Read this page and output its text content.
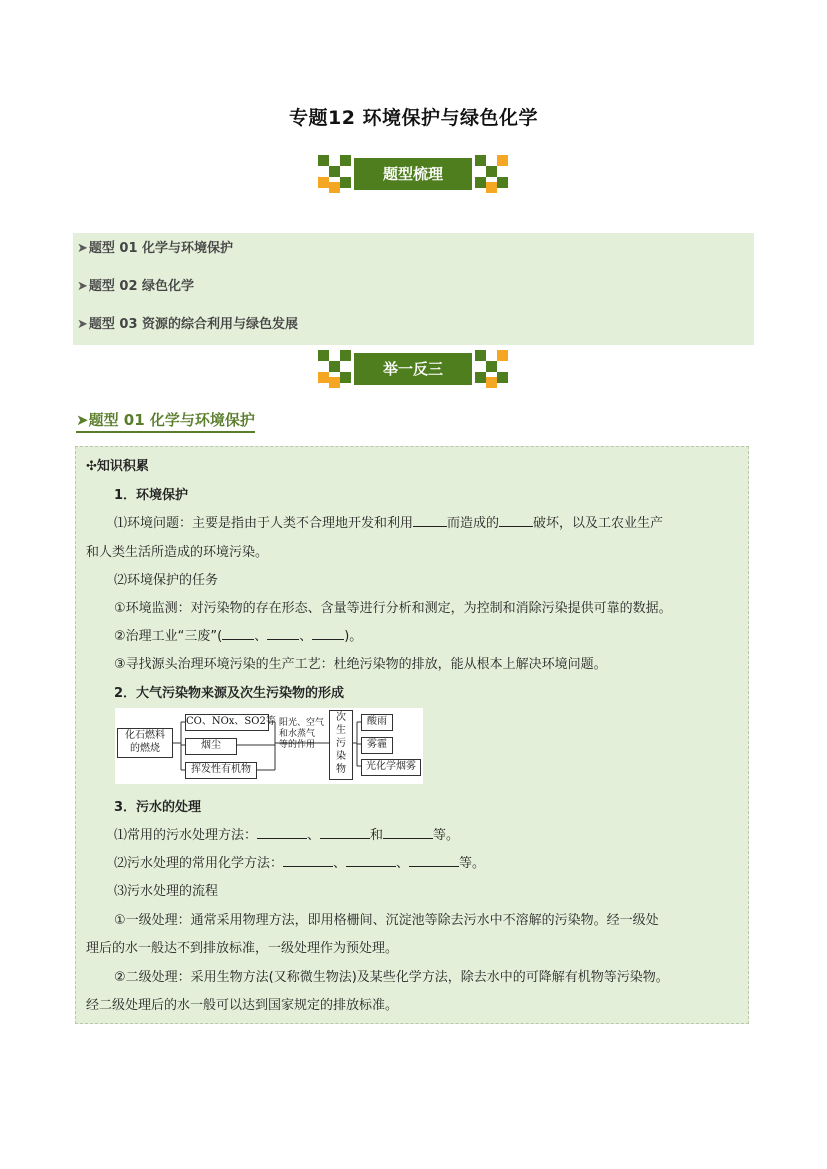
专题12 环境保护与绿色化学
题型梳理
➤题型 01 化学与环境保护
➤题型 02 绿色化学
➤题型 03 资源的综合利用与绿色发展
举一反三
➤题型 01 化学与环境保护
✣知识积累
1．环境保护
⑴环境问题：主要是指由于人类不合理地开发和利用	而造成的	破坏，以及工农业生产
和人类生活所造成的环境污染。
⑵环境保护的任务
①环境监测：对污染物的存在形态、含量等进行分析和测定，为控制和消除污染提供可靠的数据。
②治理工业“三废”( 、 、 )。
③寻找源头治理环境污染的生产工艺：杜绝污染物的排放，能从根本上解决环境问题。
2．大气污染物来源及次生污染物的形成
化石燃料
的燃烧
CO、NOx、SO2等
烟尘
挥发性有机物
阳光、空气
和水蒸气
等的作用
次
生
污
染
物
酸雨
雾霾
光化学烟雾
3．污水的处理
⑴常用的污水处理方法：	、	和	等。
⑵污水处理的常用化学方法：	、	、	等。
⑶污水处理的流程
①一级处理：通常采用物理方法，即用格栅间、沉淀池等除去污水中不溶解的污染物。经一级处
理后的水一般达不到排放标准，一级处理作为预处理。
②二级处理：采用生物方法(又称微生物法)及某些化学方法，除去水中的可降解有机物等污染物。
经二级处理后的水一般可以达到国家规定的排放标准。
